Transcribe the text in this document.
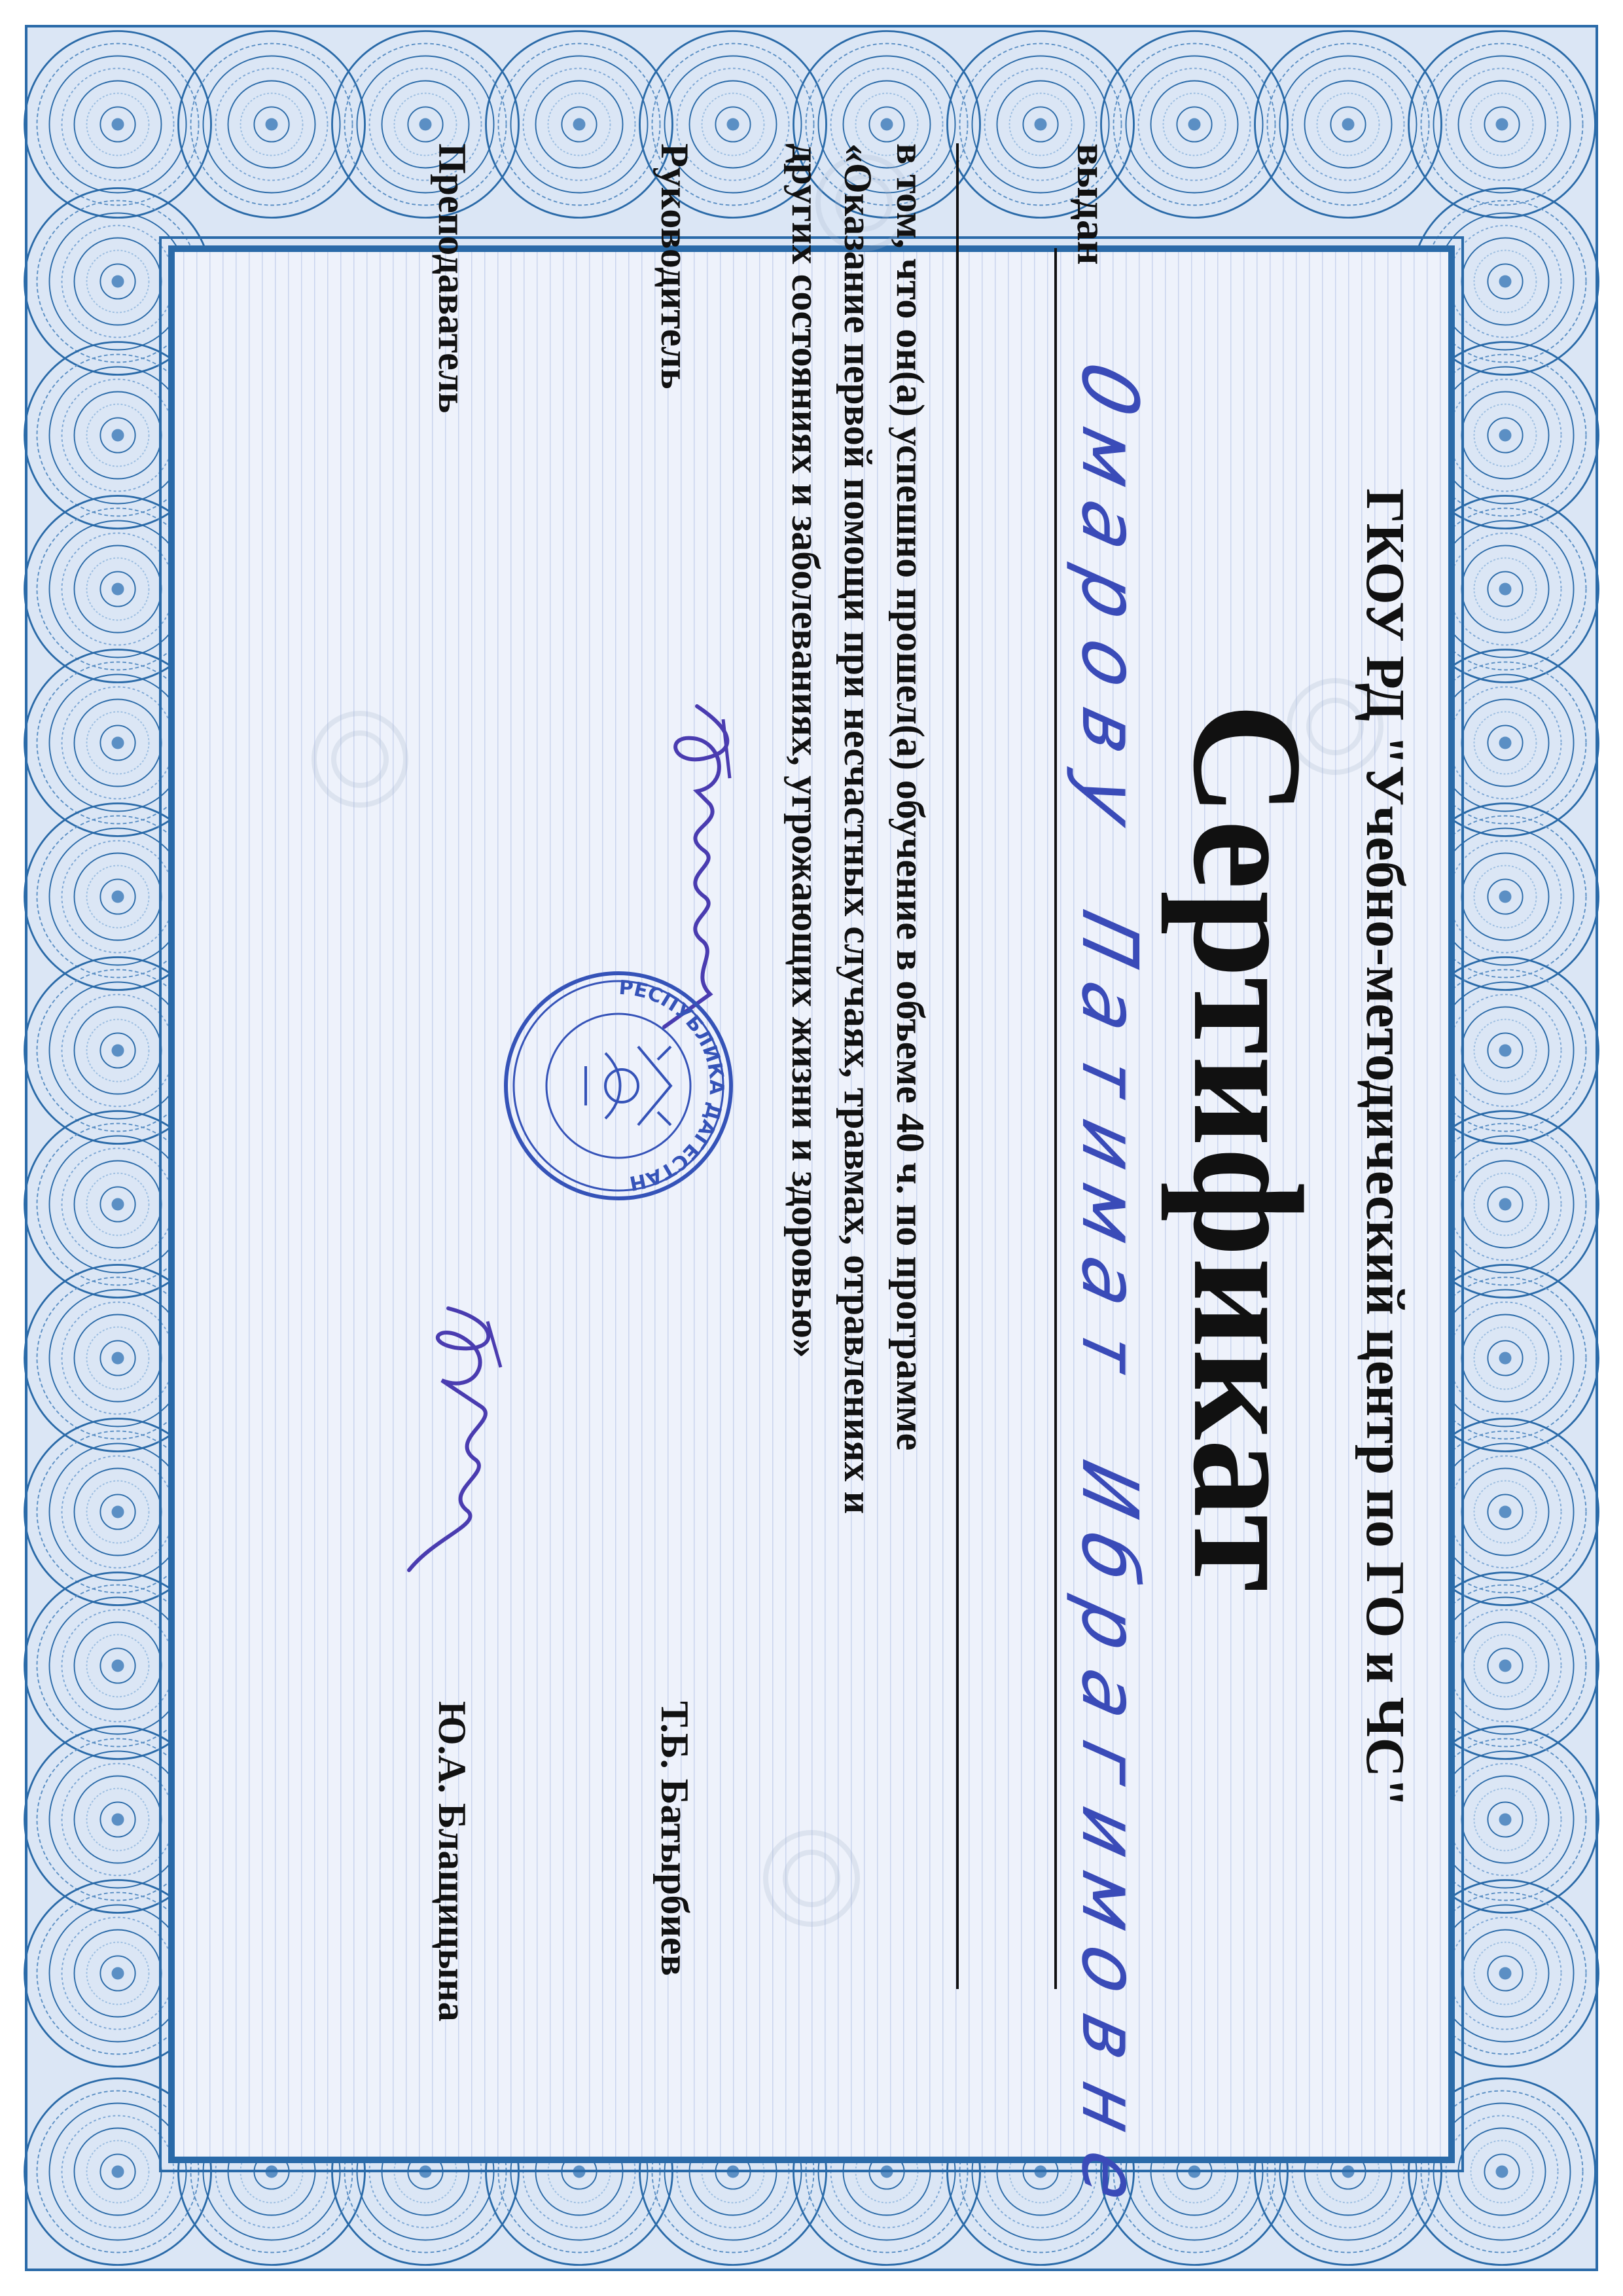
ГКОУ РД "Учебно-методический центр по ГО и ЧС"
Сертификат
выдан
Омарову Патимат Ибрагимовне
в том, что он(а) успешно прошел(а) обучение в объеме 40 ч. по программе
«Оказание первой помощи при несчастных случаях, травмах, отравлениях и
других состояниях и заболеваниях, угрожающих жизни и здоровью»
Руководитель
Т.Б. Батырбиев
Преподаватель
Ю.А. Блащицына
РЕСПУБЛИКА ДАГЕСТАН
